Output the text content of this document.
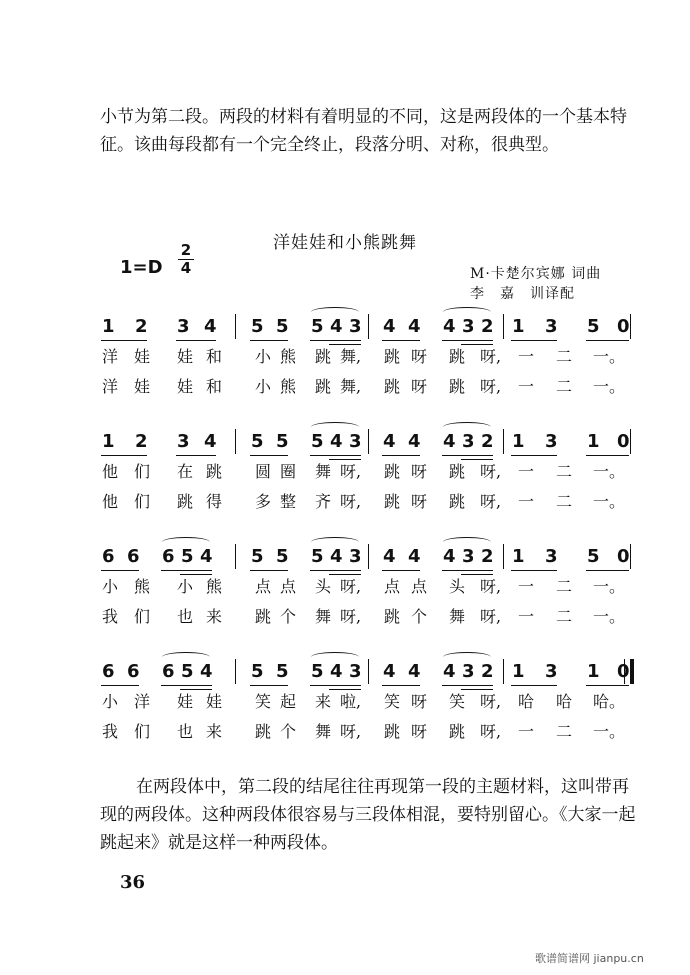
小节为第二段。两段的材料有着明显的不同，这是两段体的一个基本特征。该曲每段都有一个完全终止，段落分明、对称，很典型。

洋娃娃和小熊跳舞
1=D
2
4	M·卡楚尔宾娜 词曲
李　嘉　训译配
1 2 3 4 5 5 5 4 3 4 4 4 3 2 1 3 5 0
洋 娃 娃 和 小 熊 跳 舞, 跳 呀 跳 呀, 一 二 一。
洋 娃 娃 和 小 熊 跳 舞, 跳 呀 跳 呀, 一 二 一。
1 2 3 4 5 5 5 4 3 4 4 4 3 2 1 3 1 0
他 们 在 跳 圆 圈 舞 呀, 跳 呀 跳 呀, 一 二 一。
他 们 跳 得 多 整 齐 呀, 跳 呀 跳 呀, 一 二 一。
6 6 6 5 4 5 5 5 4 3 4 4 4 3 2 1 3 5 0
小 熊 小 熊 点 点 头 呀, 点 点 头 呀, 一 二 一。
我 们 也 来 跳 个 舞 呀, 跳 个 舞 呀, 一 二 一。
6 6 6 5 4 5 5 5 4 3 4 4 4 3 2 1 3 1 0
小 洋 娃 娃 笑 起 来 啦, 笑 呀 笑 呀, 哈 哈 哈。
我 们 也 来 跳 个 舞 呀, 跳 呀 跳 呀, 一 二 一。

在两段体中，第二段的结尾往往再现第一段的主题材料，这叫带再现的两段体。这种两段体很容易与三段体相混，要特别留心。《大家一起跳起来》就是这样一种两段体。

36
歌谱简谱网 jianpu.cn
